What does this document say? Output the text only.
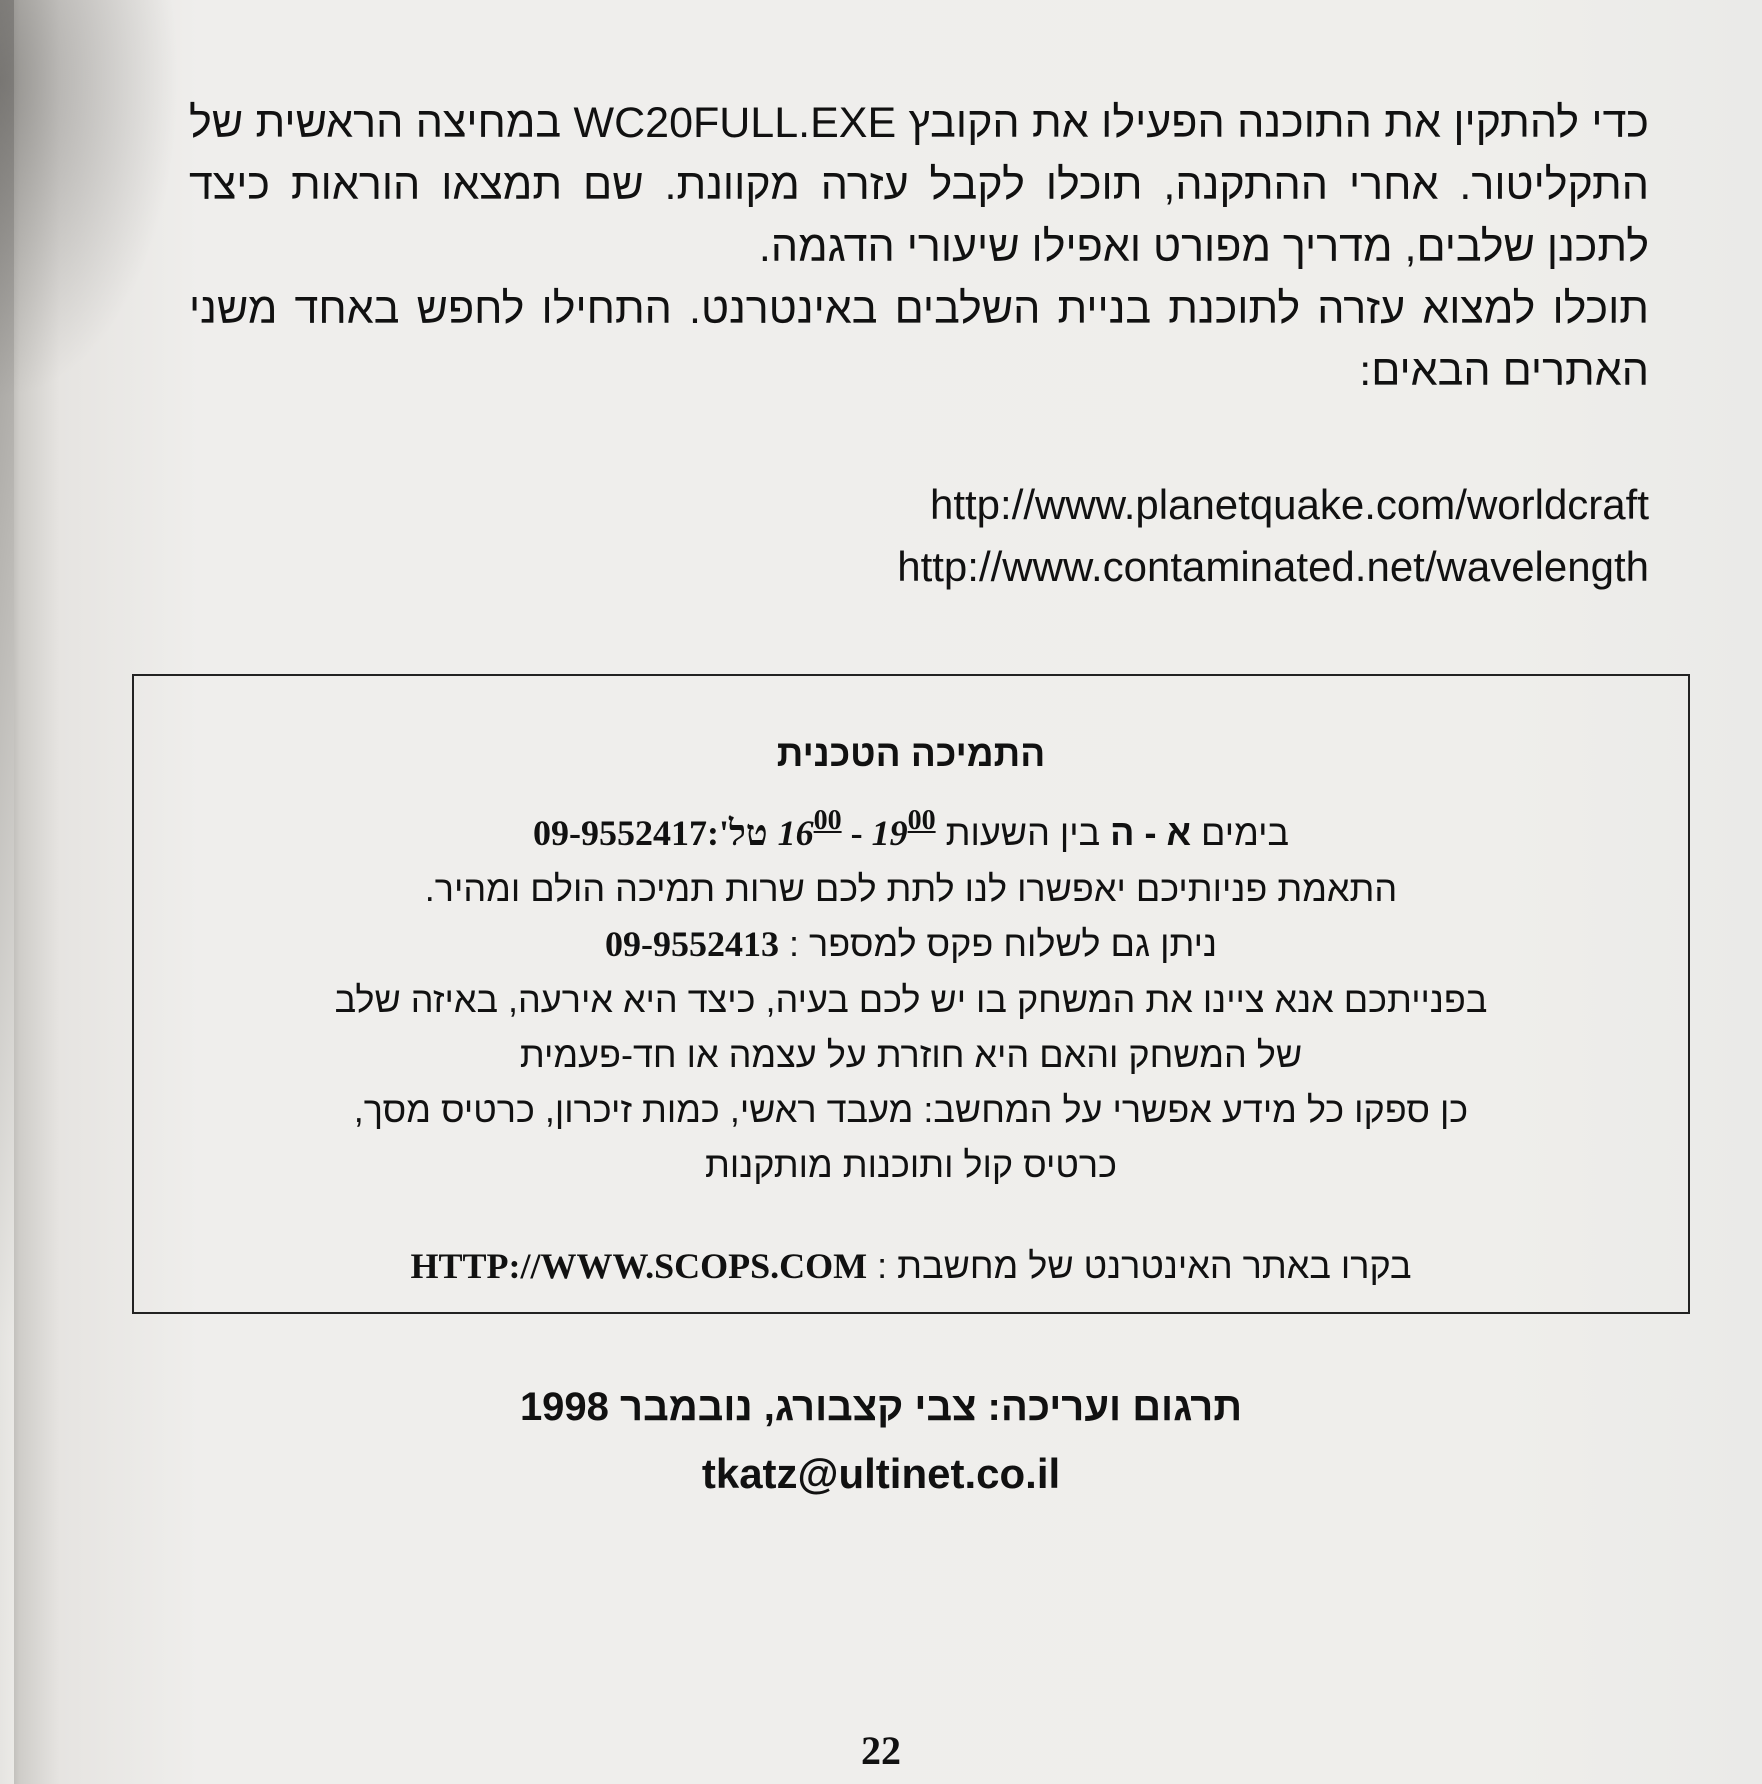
כדי להתקין את התוכנה הפעילו את הקובץ WC20FULL.EXE במחיצה הראשית של התקליטור. אחרי ההתקנה, תוכלו לקבל עזרה מקוונת. שם תמצאו הוראות כיצד לתכנן שלבים, מדריך מפורט ואפילו שיעורי הדגמה.

תוכלו למצוא עזרה לתוכנת בניית השלבים באינטרנט. התחילו לחפש באחד משני האתרים הבאים:

http://www.planetquake.com/worldcraft
http://www.contaminated.net/wavelength
התמיכה הטכנית
בימים א - ה בין השעות $16^{00} - 19^{00}$ טל':09-9552417
התאמת פניותיכם יאפשרו לנו לתת לכם שרות תמיכה הולם ומהיר.
ניתן גם לשלוח פקס למספר : 09-9552413
בפנייתכם אנא ציינו את המשחק בו יש לכם בעיה, כיצד היא אירעה, באיזה שלב
של המשחק והאם היא חוזרת על עצמה או חד-פעמית
כן ספקו כל מידע אפשרי על המחשב: מעבד ראשי, כמות זיכרון, כרטיס מסך,
כרטיס קול ותוכנות מותקנות
בקרו באתר האינטרנט של מחשבת : HTTP://WWW.SCOPS.COM
תרגום ועריכה: צבי קצבורג, נובמבר 1998
tkatz@ultinet.co.il
22
